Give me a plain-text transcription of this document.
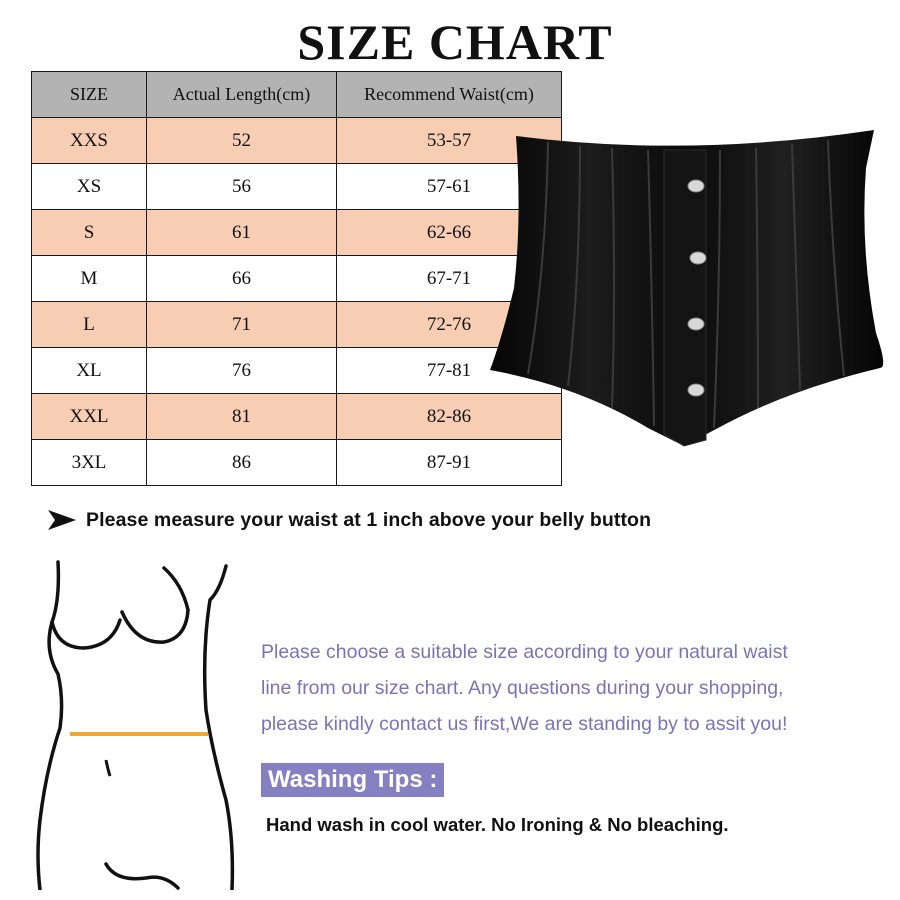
SIZE CHART
SIZE	Actual Length(cm)	Recommend Waist(cm)
XXS	52	53-57
XS	56	57-61
S	61	62-66
M	66	67-71
L	71	72-76
XL	76	77-81
XXL	81	82-86
3XL	86	87-91
Please measure your waist at 1 inch above your belly button
Please choose a suitable size according to your natural waist
line from our size chart. Any questions during your shopping,
please kindly contact us first,We are standing by to assit you!
Washing Tips :
Hand wash in cool water. No Ironing & No bleaching.
